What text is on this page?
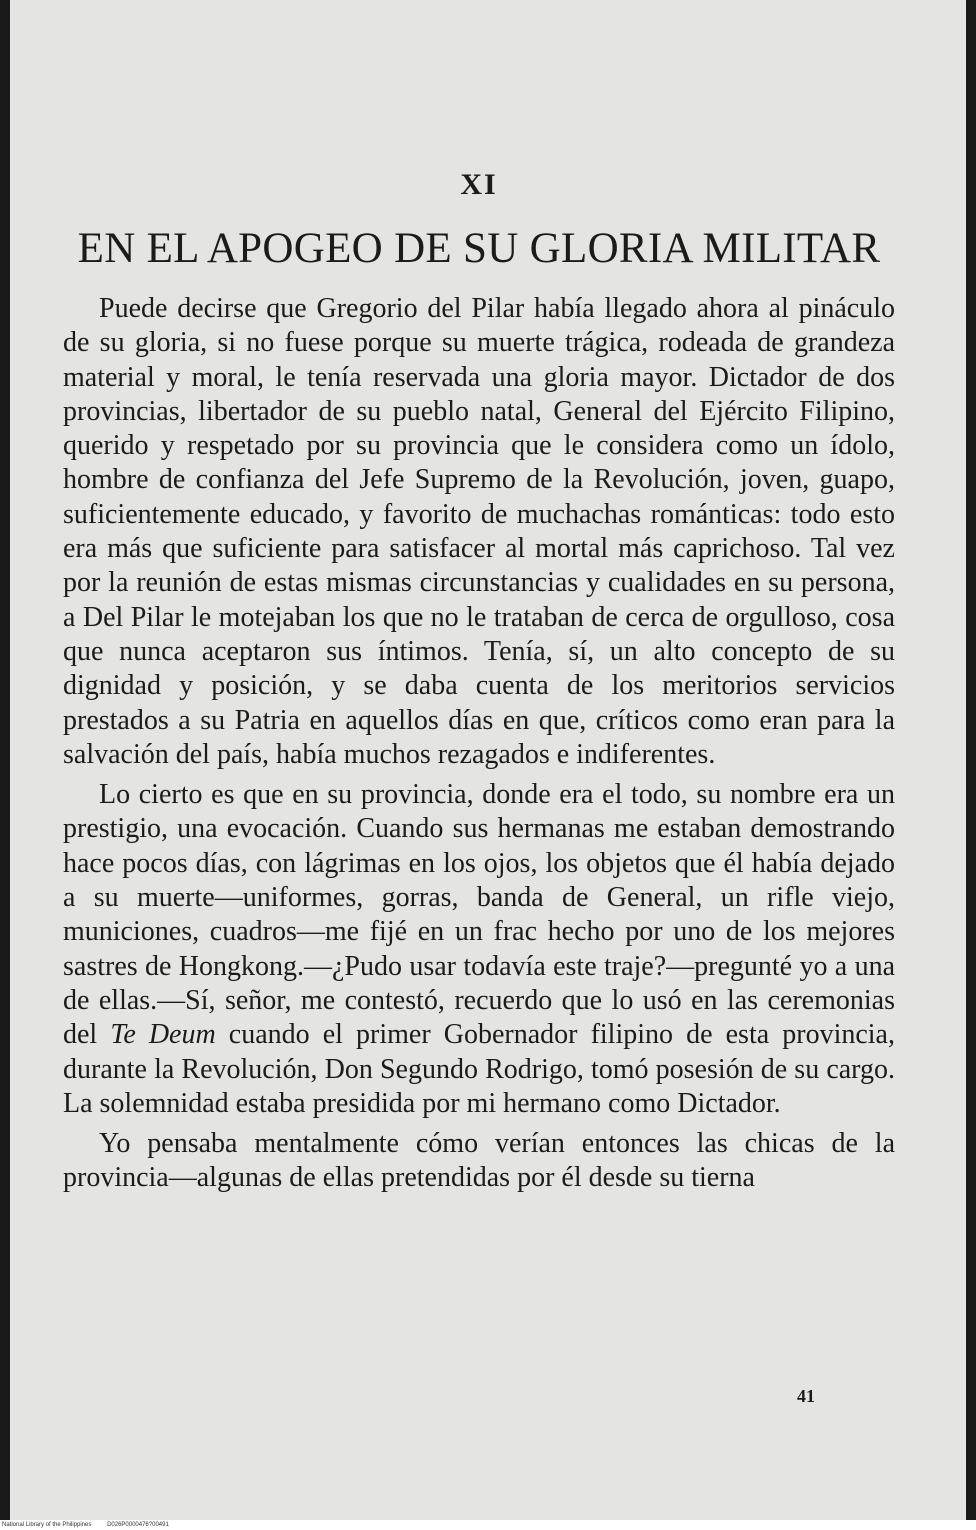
XI
EN EL APOGEO DE SU GLORIA MILITAR

Puede decirse que Gregorio del Pilar había llegado ahora al pináculo de su gloria, si no fuese porque su muerte trágica, rodeada de grandeza material y moral, le tenía reservada una gloria mayor. Dictador de dos provincias, libertador de su pueblo natal, General del Ejército Filipino, querido y respetado por su provincia que le considera como un ídolo, hombre de confianza del Jefe Supremo de la Revolución, joven, guapo, suficientemente educado, y favorito de muchachas románticas: todo esto era más que suficiente para satisfacer al mortal más caprichoso. Tal vez por la reunión de estas mismas circunstancias y cualidades en su persona, a Del Pilar le motejaban los que no le trataban de cerca de orgulloso, cosa que nunca aceptaron sus íntimos. Tenía, sí, un alto concepto de su dignidad y posición, y se daba cuenta de los meritorios servicios prestados a su Patria en aquellos días en que, críticos como eran para la salvación del país, había muchos rezagados e indiferentes.

Lo cierto es que en su provincia, donde era el todo, su nombre era un prestigio, una evocación. Cuando sus hermanas me estaban demostrando hace pocos días, con lágrimas en los ojos, los objetos que él había dejado a su muerte—uniformes, gorras, banda de General, un rifle viejo, municiones, cuadros—me fijé en un frac hecho por uno de los mejores sastres de Hongkong.—¿Pudo usar todavía este traje?—pregunté yo a una de ellas.—Sí, señor, me contestó, recuerdo que lo usó en las ceremonias del Te Deum cuando el primer Gobernador filipino de esta provincia, durante la Revolución, Don Segundo Rodrigo, tomó posesión de su cargo. La solemnidad estaba presidida por mi hermano como Dictador.

Yo pensaba mentalmente cómo verían entonces las chicas de la provincia—algunas de ellas pretendidas por él desde su tierna

41
National Library of the Philippines	D026P0000476?00491
